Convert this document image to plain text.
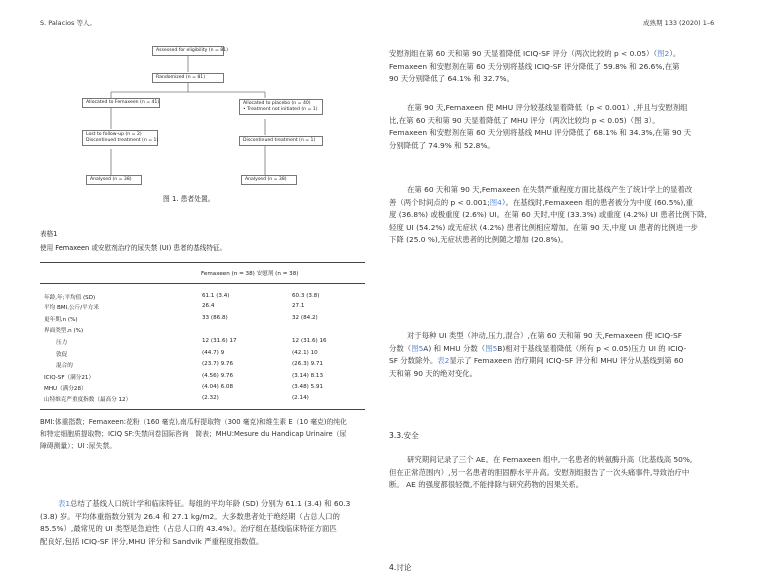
S. Palacios 等人。	成熟期 133 (2020) 1–6
Assessed for eligibility (n = 81)
Randomized (n = 81)
Allocated to Femaxeen (n = 41)	Allocated to placebo (n = 40)
• Treatment not initiated (n = 1)
Lost to follow-up (n = 2)
Discontinued treatment (n = 1)	Discontinued treatment (n = 1)
Analysed (n = 38)	Analysed (n = 38)
图 1. 患者处置。
表格1
使用 Femaxeen 或安慰剂治疗的尿失禁 (UI) 患者的基线特征。
Femaxeen (n = 38) 安慰剂 (n = 38)
年龄,年;平均值 (SD)	61.1 (3.4)	60.3 (3.8)
平均 BMI,公斤/平方米	26.4	27.1
更年期,n (%)	33 (86.8)	32 (84.2)
界面类型,n (%)
压力	12 (31.6) 17	12 (31.6) 16
敦促	(44.7) 9	(42.1) 10
混合的	(23.7) 9.76	(26.3) 9.71
ICIQ-SF（满分21）	(4.56) 9.76	(3.14) 8.13
MHU（满分28）	(4.04) 6.08	(3.48) 5.91
山特维克严重度指数（最高分 12）	(2.32)	(2.14)
BMI:体重指数；Femaxeen:花粉（160 毫克),南瓜籽提取物（300 毫克)和维生素 E（10 毫克)的纯化
和特定细胞质提取物；ICIQ SF:失禁问卷国际咨询　简表；MHU:Mesure du Handicap Urinaire（尿
障碍测量）；UI :尿失禁。
表1总结了基线人口统计学和临床特征。每组的平均年龄 (SD) 分别为 61.1 (3.4) 和 60.3
(3.8) 岁。平均体重指数分别为 26.4 和 27.1 kg/m2。大多数患者处于绝经期（占总人口的
85.5%）,最常见的 UI 类型是急迫性（占总人口的 43.4%）。治疗组在基线临床特征方面匹
配良好,包括 ICIQ-SF 评分,MHU 评分和 Sandvik 严重程度指数值。
安慰剂组在第 60 天和第 90 天显着降低 ICIQ-SF 评分（两次比较的 p < 0.05）（图2）。
Femaxeen 和安慰剂在第 60 天分别将基线 ICIQ-SF 评分降低了 59.8% 和 26.6%,在第
90 天分别降低了 64.1% 和 32.7%。
在第 90 天,Femaxeen 使 MHU 评分较基线显着降低（p < 0.001）,并且与安慰剂组
比,在第 60 天和第 90 天显着降低了 MHU 评分（两次比较均 p < 0.05)（图 3）。
Femaxeen 和安慰剂在第 60 天分别将基线 MHU 评分降低了 68.1% 和 34.3%,在第 90 天
分别降低了 74.9% 和 52.8%。
在第 60 天和第 90 天,Femaxeen 在失禁严重程度方面比基线产生了统计学上的显着改
善（两个时间点的 p < 0.001;图4）。在基线时,Femaxeen 组的患者被分为中度 (60.5%),重
度 (36.8%) 或极重度 (2.6%) UI。在第 60 天时,中度 (33.3%) 或重度 (4.2%) UI 患者比例下降,
轻度 UI (54.2%) 或无症状 (4.2%) 患者比例相应增加。在第 90 天,中度 UI 患者的比例进一步
下降 (25.0 %),无症状患者的比例随之增加 (20.8%)。
对于每种 UI 类型（冲动,压力,混合）,在第 60 天和第 90 天,Femaxeen 使 ICIQ-SF
分数（图5A) 和 MHU 分数（图5B)相对于基线显着降低（所有 p < 0.05)压力 UI 的 ICIQ-
SF 分数除外。表2显示了 Femaxeen 治疗期间 ICIQ-SF 评分和 MHU 评分从基线到第 60
天和第 90 天的绝对变化。
3.3.安全
研究期间记录了三个 AE。在 Femaxeen 组中,一名患者的转氨酶升高（比基线高 50%,
但在正常范围内）,另一名患者的胆固醇水平升高。安慰剂组报告了一次头痛事件,导致治疗中
断。 AE 的强度都很轻微,不能排除与研究药物的因果关系。
4.讨论
